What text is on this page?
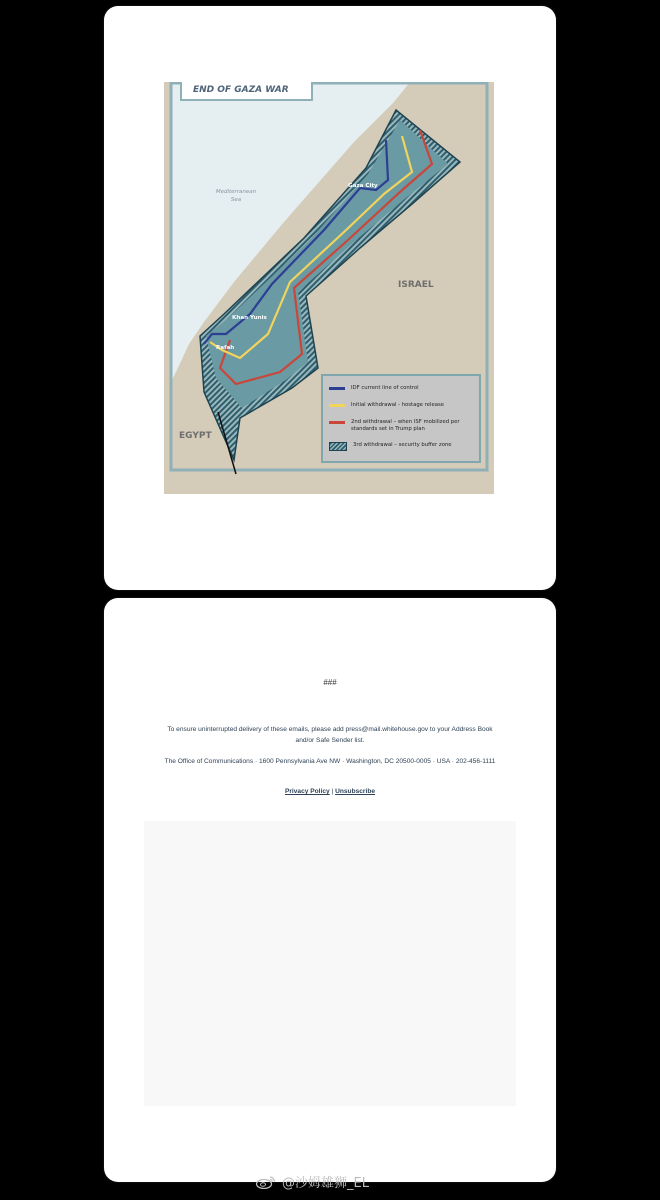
END OF GAZA WAR
Mediterranean Sea
ISRAEL
EGYPT
Gaza City
Khan Yunis
Rafah
IDF current line of control
Initial withdrawal - hostage release
2nd withdrawal – when ISF mobilized per standards set in Trump plan
3rd withdrawal – security buffer zone
###
To ensure uninterrupted delivery of these emails, please add press@mail.whitehouse.gov to your Address Book and/or Safe Sender list.
The Office of Communications · 1600 Pennsylvania Ave NW · Washington, DC 20500-0005 · USA · 202-456-1111
Privacy Policy | Unsubscribe
@沙姆雄狮_EL
